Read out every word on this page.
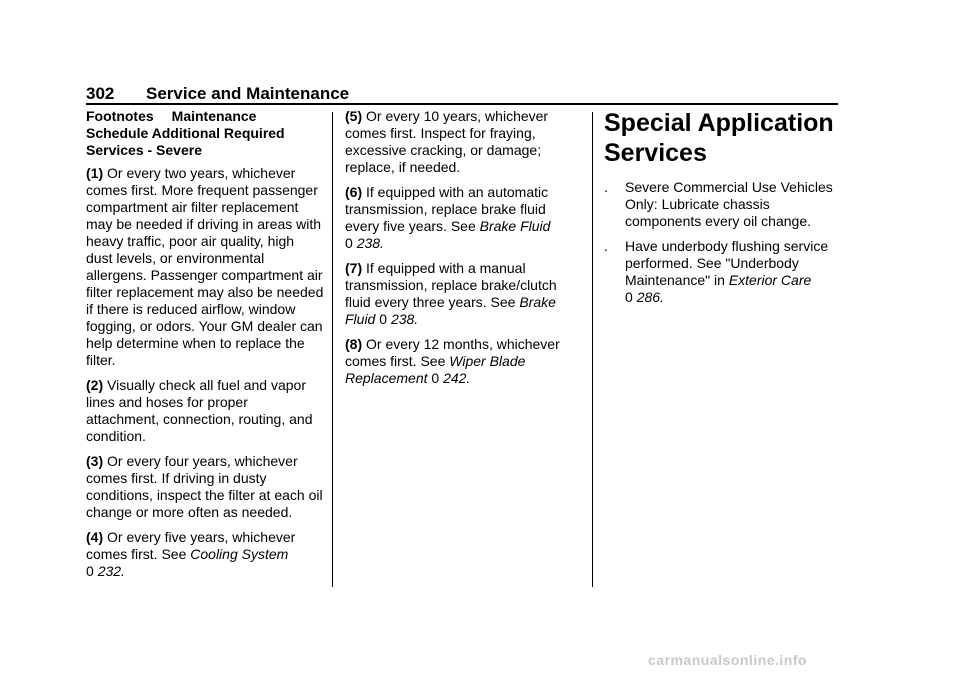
302 Service and Maintenance
Footnotes Maintenance
Schedule Additional Required
Services - Severe

(1) Or every two years, whichever comes first. More frequent passenger compartment air filter replacement may be needed if driving in areas with heavy traffic, poor air quality, high dust levels, or environmental allergens. Passenger compartment air filter replacement may also be needed if there is reduced airflow, window fogging, or odors. Your GM dealer can help determine when to replace the filter.

(2) Visually check all fuel and vapor lines and hoses for proper attachment, connection, routing, and condition.

(3) Or every four years, whichever comes first. If driving in dusty conditions, inspect the filter at each oil change or more often as needed.

(4) Or every five years, whichever comes first. See Cooling System
0 232.

(5) Or every 10 years, whichever comes first. Inspect for fraying, excessive cracking, or damage; replace, if needed.

(6) If equipped with an automatic transmission, replace brake fluid every five years. See Brake Fluid
0 238.

(7) If equipped with a manual transmission, replace brake/clutch fluid every three years. See Brake Fluid 0 238.

(8) Or every 12 months, whichever comes first. See Wiper Blade Replacement 0 242.

Special Application Services
. Severe Commercial Use Vehicles Only: Lubricate chassis components every oil change.
. Have underbody flushing service performed. See "Underbody Maintenance" in Exterior Care
0 286.
carmanualsonline.info
